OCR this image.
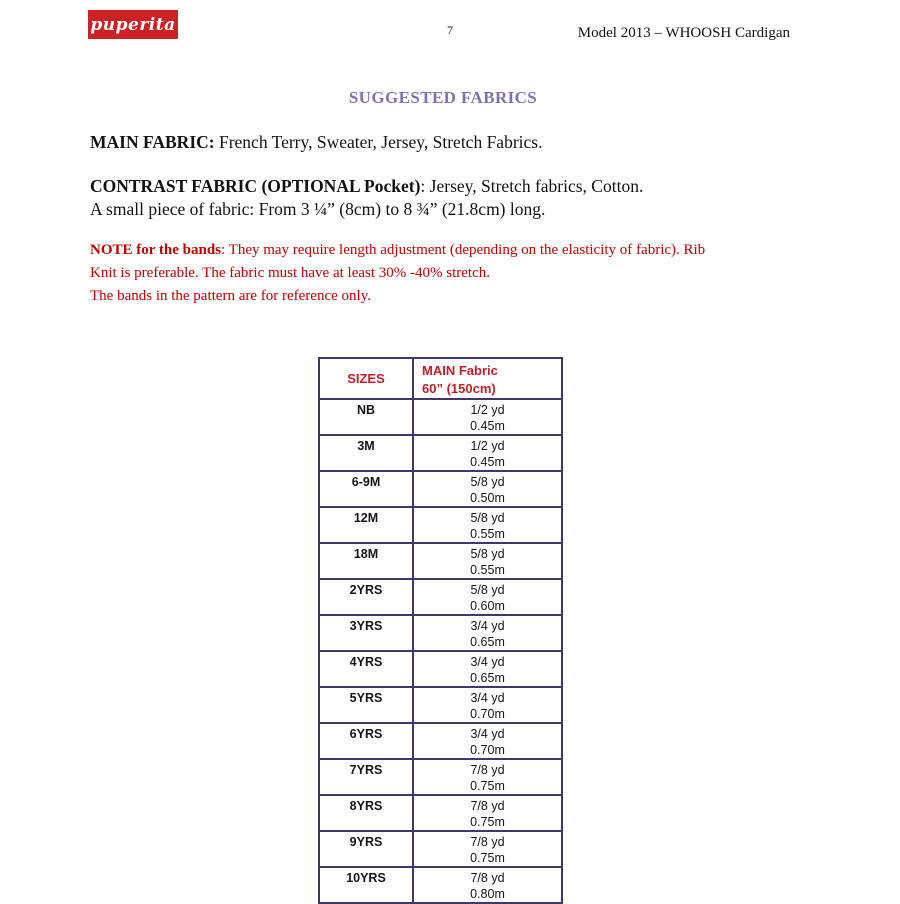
puperita	7	Model 2013 – WHOOSH Cardigan
SUGGESTED FABRICS

MAIN FABRIC: French Terry, Sweater, Jersey, Stretch Fabrics.

CONTRAST FABRIC (OPTIONAL Pocket): Jersey, Stretch fabrics, Cotton.
A small piece of fabric: From 3 ¼” (8cm) to 8 ¾” (21.8cm) long.

NOTE for the bands: They may require length adjustment (depending on the elasticity of fabric). Rib
Knit is preferable. The fabric must have at least 30% -40% stretch.
The bands in the pattern are for reference only.

SIZES	MAIN Fabric
60” (150cm)
NB	1/2 yd
0.45m
3M	1/2 yd
0.45m
6-9M	5/8 yd
0.50m
12M	5/8 yd
0.55m
18M	5/8 yd
0.55m
2YRS	5/8 yd
0.60m
3YRS	3/4 yd
0.65m
4YRS	3/4 yd
0.65m
5YRS	3/4 yd
0.70m
6YRS	3/4 yd
0.70m
7YRS	7/8 yd
0.75m
8YRS	7/8 yd
0.75m
9YRS	7/8 yd
0.75m
10YRS	7/8 yd
0.80m
